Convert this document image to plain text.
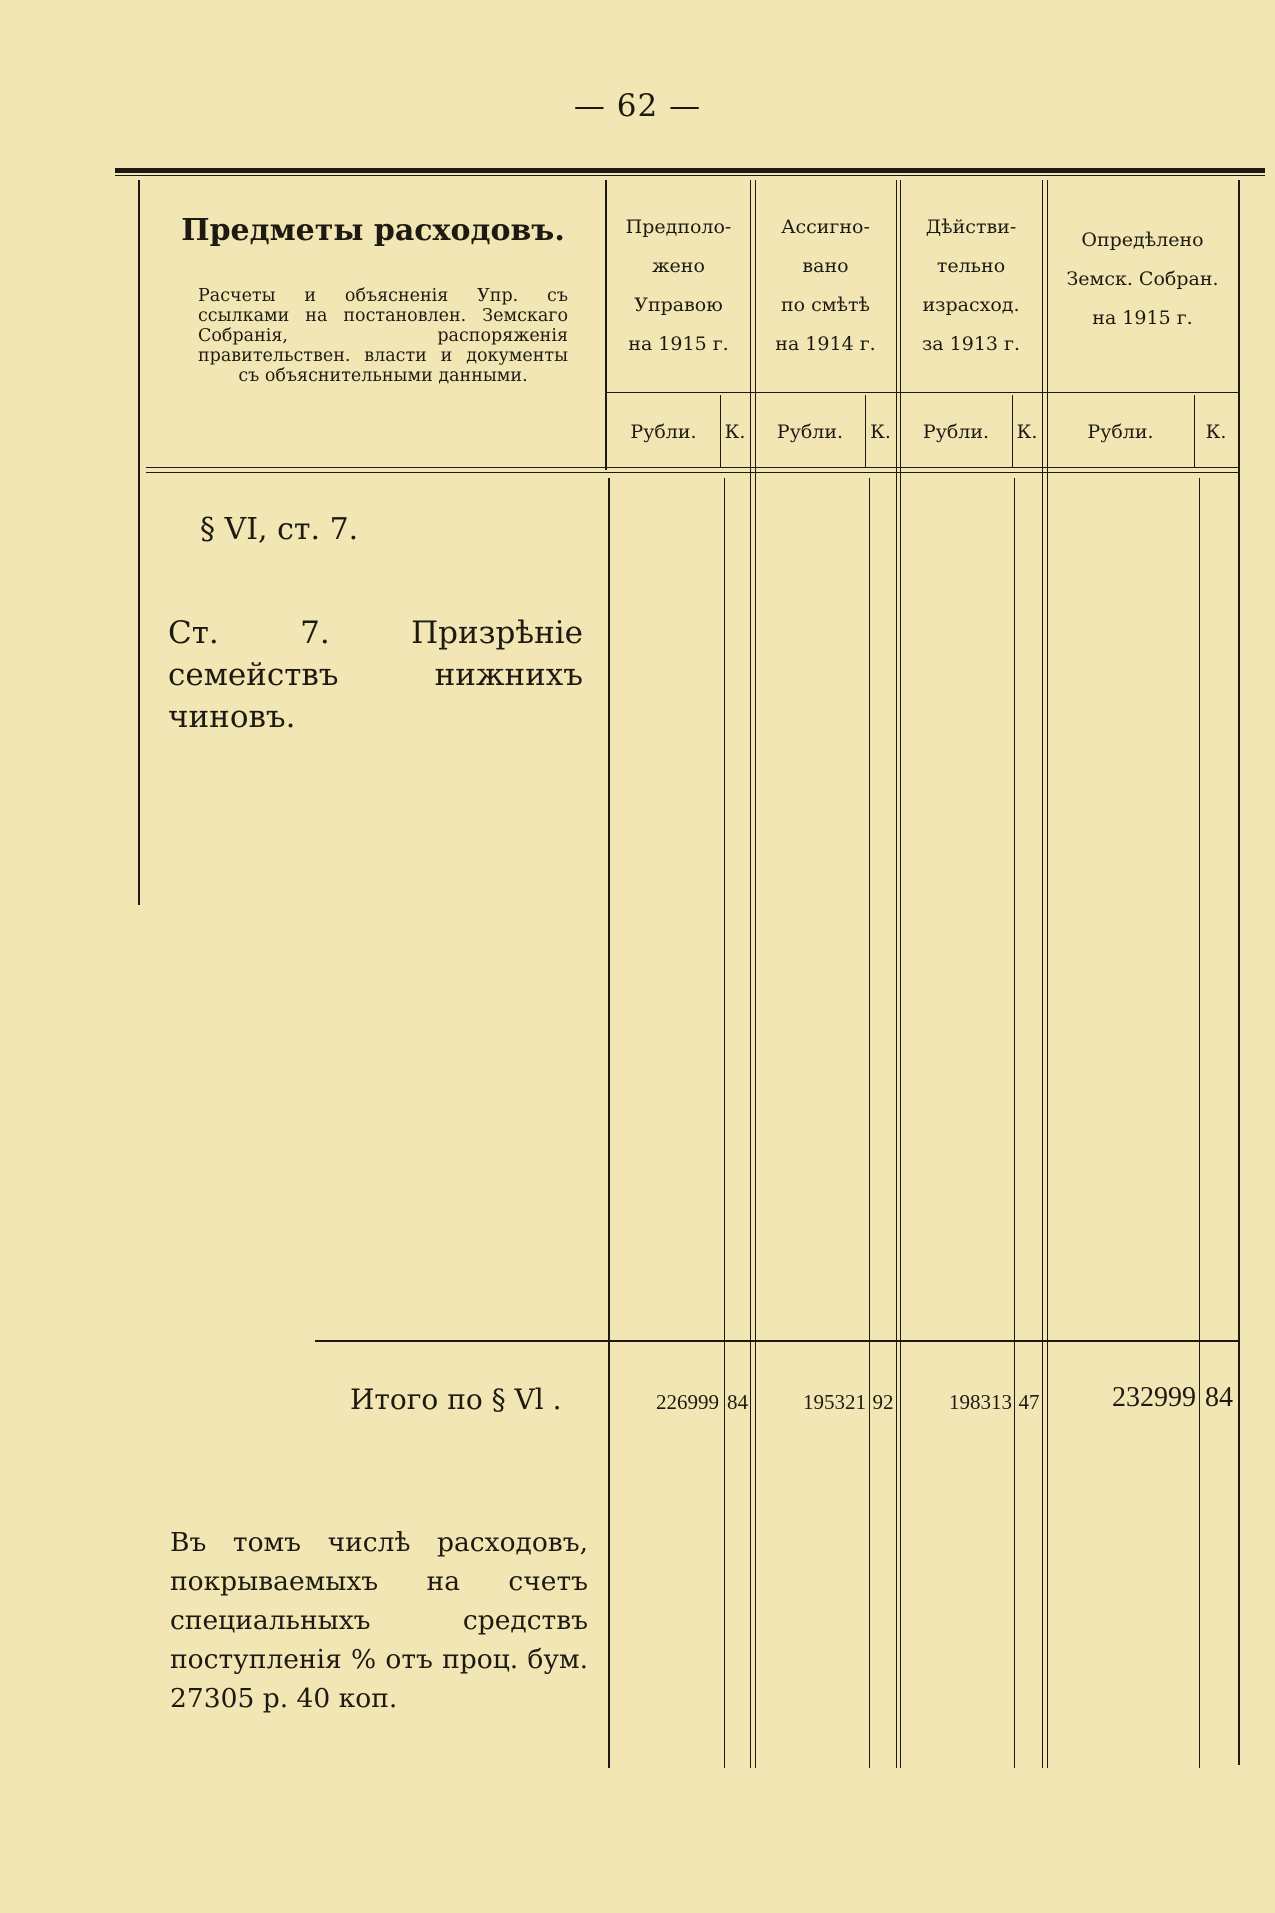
— 62 —
Предметы расходовъ.
Расчеты и объясненія Упр. съ ссылками на постановлен. Земскаго Собранія, распоряженія правительствен. власти и документы съ объяснительными данными.
Предполо-
жено
Управою
на 1915 г.
Ассигно-
вано
по смѣтѣ
на 1914 г.
Дѣйстви-
тельно
израсход.
за 1913 г.
Опредѣлено
Земск. Собран.
на 1915 г.
Рубли.	К.	Рубли.	К.	Рубли.	К.	Рубли.	К.
§ VI, ст. 7.
Ст. 7. Призрѣніе семействъ нижнихъ чиновъ.
Итого по § Vl .	226999 84	195321 92	198313 47	232999 84
Въ томъ числѣ расходовъ, покрываемыхъ на счетъ специальныхъ средствъ поступленія % отъ проц. бум. 27305 р. 40 коп.
